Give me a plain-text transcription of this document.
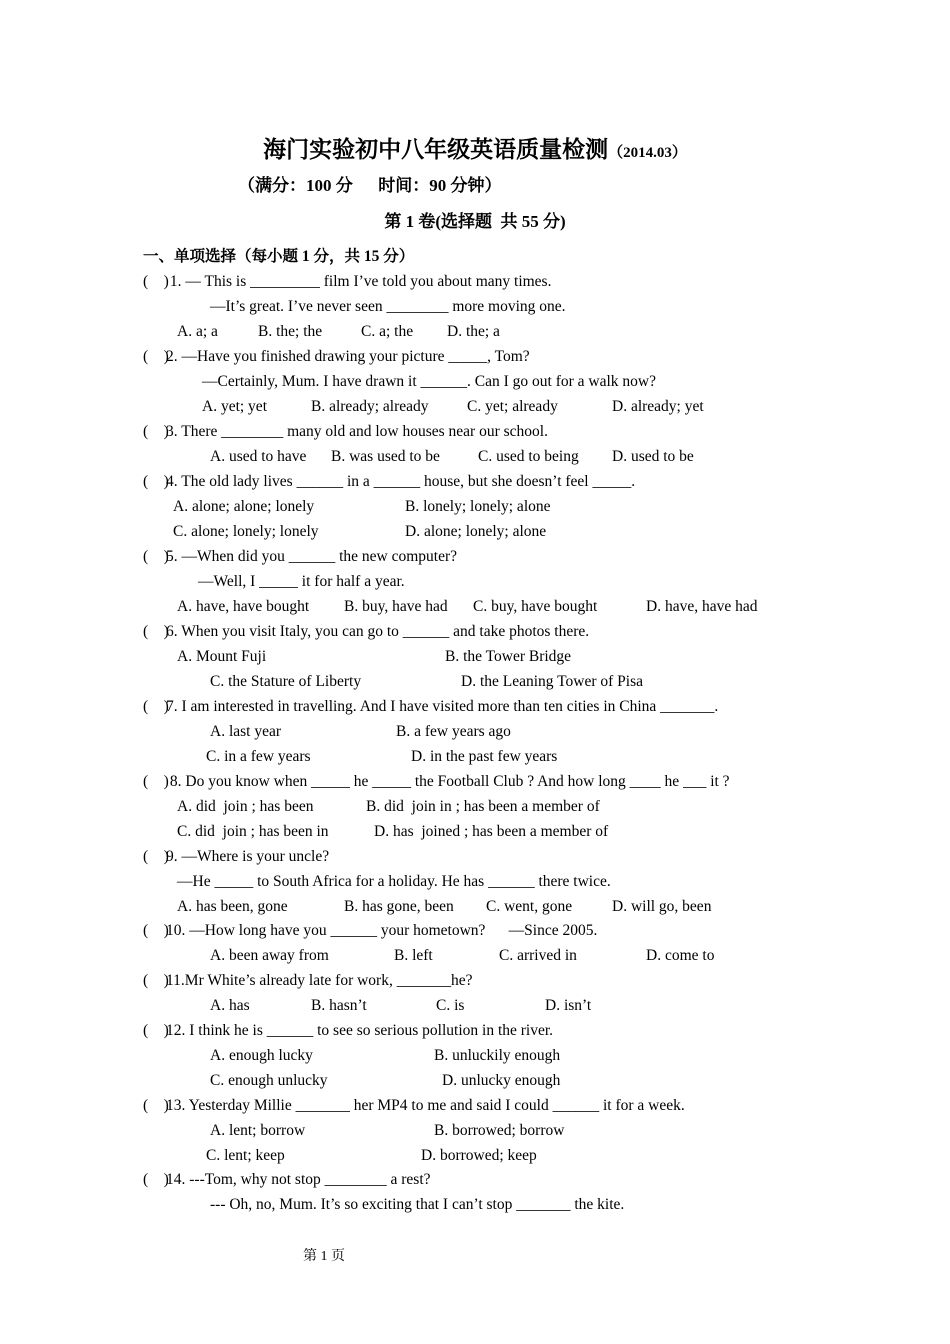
海门实验初中八年级英语质量检测（2014.03）
（满分：100 分      时间：90 分钟）
第 1 卷(选择题  共 55 分)
一、单项选择（每小题 1 分，共 15 分）
(    )
1. — This is _________ film I’ve told you about many times.
—It’s great. I’ve never seen ________ more moving one.
A. a; a	B. the; the	C. a; the D. the; a
(    )
2. —Have you finished drawing your picture _____, Tom?
—Certainly, Mum. I have drawn it ______. Can I go out for a walk now?
A. yet; yet	B. already; already C. yet; already	D. already; yet
(    )
3. There ________ many old and low houses near our school.
A. used to have B. was used to be C. used to being D. used to be
(    )
4. The old lady lives ______ in a ______ house, but she doesn’t feel _____.
A. alone; alone; lonely	B. lonely; lonely; alone
C. alone; lonely; lonely	D. alone; lonely; alone
(    )
5. —When did you ______ the new computer?
—Well, I _____ it for half a year.
A. have, have bought B. buy, have had C. buy, have bought	D. have, have had
(    )
6. When you visit Italy, you can go to ______ and take photos there.
A. Mount Fuji	B. the Tower Bridge
C. the Stature of Liberty	D. the Leaning Tower of Pisa
(    )
7. I am interested in travelling. And I have visited more than ten cities in China _______.
A. last year	B. a few years ago
C. in a few years	D. in the past few years
(    )
8. Do you know when _____ he _____ the Football Club ? And how long ____ he ___ it ?
A. did  join ; has been	B. did  join in ; has been a member of
C. did  join ; has been in	D. has  joined ; has been a member of
(    )
9. —Where is your uncle?
—He _____ to South Africa for a holiday. He has ______ there twice.
A. has been, gone	B. has gone, been C. went, gone	D. will go, been
(    )
10. —How long have you ______ your hometown?      —Since 2005.
A. been away from	B. left	C. arrived in	D. come to
(    )
11.Mr White’s already late for work, _______he?
A. has	B. hasn’t	C. is	D. isn’t
(    )
12. I think he is ______ to see so serious pollution in the river.
A. enough lucky	B. unluckily enough
C. enough unlucky	D. unlucky enough
(    )
13. Yesterday Millie _______ her MP4 to me and said I could ______ it for a week.
A. lent; borrow	B. borrowed; borrow
C. lent; keep	D. borrowed; keep
(    )
14. ---Tom, why not stop ________ a rest?
--- Oh, no, Mum. It’s so exciting that I can’t stop _______ the kite.
第 1 页
